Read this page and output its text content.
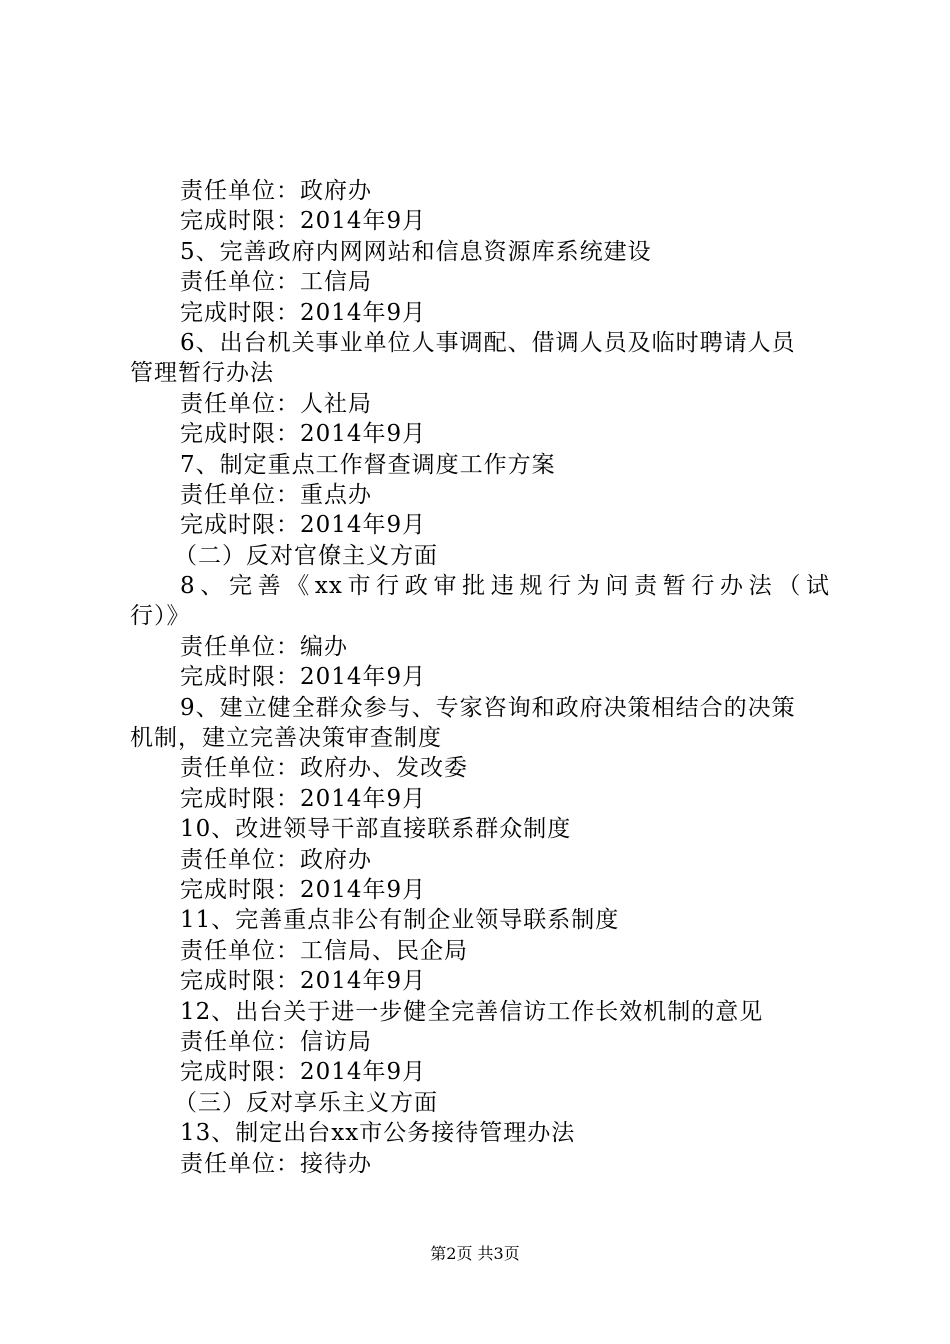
责任单位：政府办
完成时限：2014年9月
5、完善政府内网网站和信息资源库系统建设
责任单位：工信局
完成时限：2014年9月
6、出台机关事业单位人事调配、借调人员及临时聘请人员
管理暂行办法
责任单位：人社局
完成时限：2014年9月
7、制定重点工作督查调度工作方案
责任单位：重点办
完成时限：2014年9月
（二）反对官僚主义方面
8、完善《xx市行政审批违规行为问责暂行办法（试
行）》
责任单位：编办
完成时限：2014年9月
9、建立健全群众参与、专家咨询和政府决策相结合的决策
机制，建立完善决策审查制度
责任单位：政府办、发改委
完成时限：2014年9月
10、改进领导干部直接联系群众制度
责任单位：政府办
完成时限：2014年9月
11、完善重点非公有制企业领导联系制度
责任单位：工信局、民企局
完成时限：2014年9月
12、出台关于进一步健全完善信访工作长效机制的意见
责任单位：信访局
完成时限：2014年9月
（三）反对享乐主义方面
13、制定出台xx市公务接待管理办法
责任单位：接待办
第2页 共3页
